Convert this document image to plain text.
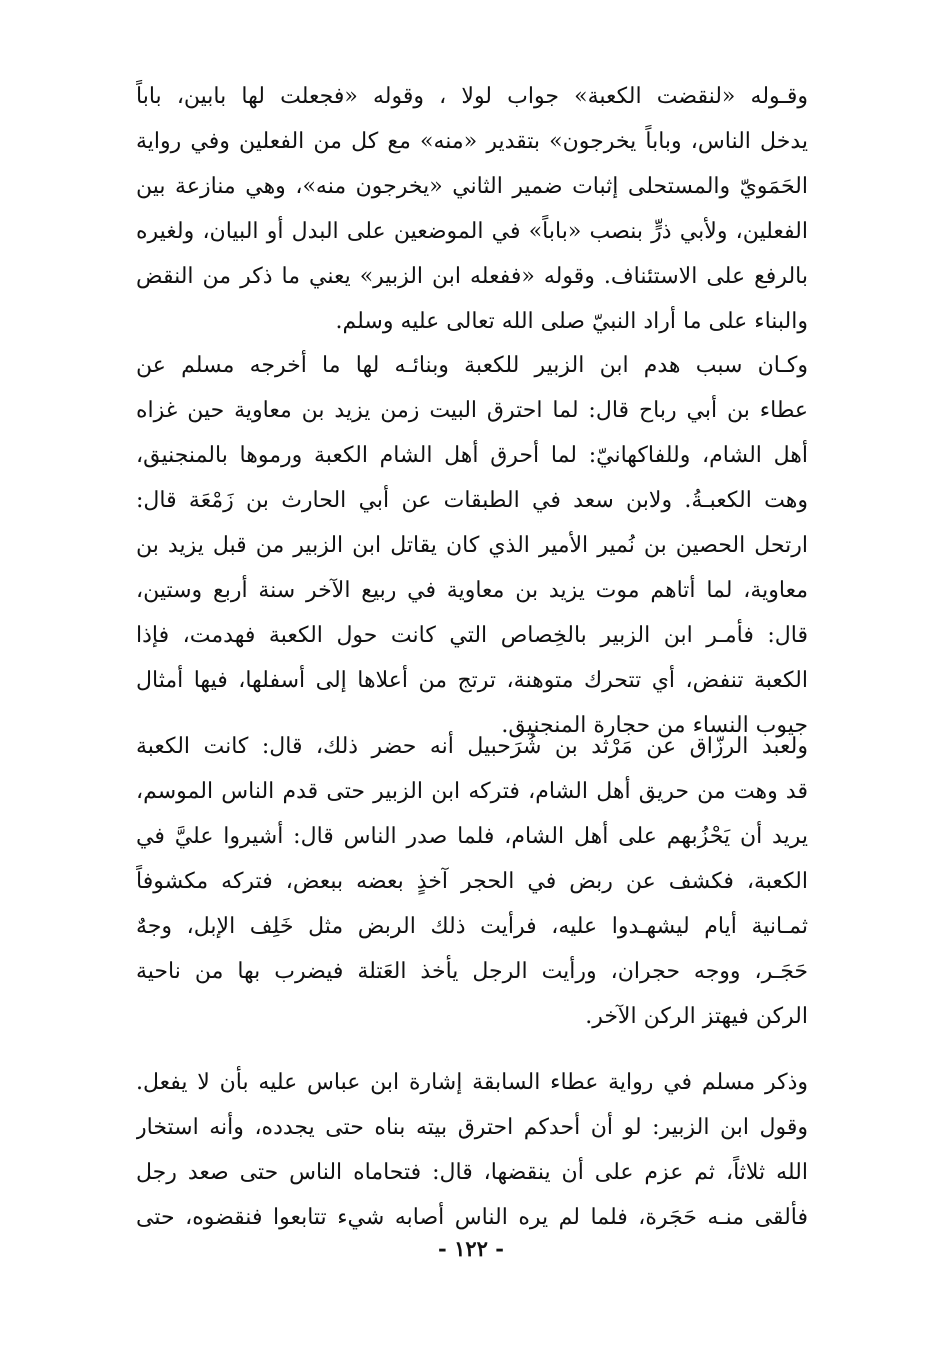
وقـوله «لنقضت الكعبة» جواب لولا ، وقوله «فجعلت لها بابين، باباً
يدخل الناس، وباباً يخرجون» بتقدير «منه» مع كل من الفعلين وفي رواية
الحَمَويّ والمستحلى إثبات ضمير الثاني «يخرجون منه»، وهي منازعة بين
الفعلين، ولأبي ذرٍّ بنصب «باباً» في الموضعين على البدل أو البيان، ولغيره
بالرفع على الاستئناف. وقوله «ففعله ابن الزبير» يعني ما ذكر من النقض
والبناء على ما أراد النبيّ صلى الله تعالى عليه وسلم.
وكـان سبب هدم ابن الزبير للكعبة وبنائـه لها ما أخرجه مسلم عن
عطاء بن أبي رباح قال: لما احترق البيت زمن يزيد بن معاوية حين غزاه
أهل الشام، وللفاكهانيّ: لما أحرق أهل الشام الكعبة ورموها بالمنجنيق،
وهت الكعبـةُ. ولابن سعد في الطبقات عن أبي الحارث بن زَمْعَة قال:
ارتحل الحصين بن نُمير الأمير الذي كان يقاتل ابن الزبير من قبل يزيد بن
معاوية، لما أتاهم موت يزيد بن معاوية في ربيع الآخر سنة أربع وستين،
قال: فأمـر ابن الزبير بالخِصاص التي كانت حول الكعبة فهدمت، فإذا
الكعبة تنفض، أي تتحرك متوهنة، ترتج من أعلاها إلى أسفلها، فيها أمثال
جيوب النساء من حجارة المنجنيق.
ولعبد الرزّاق عن مَرْثد بن شُرَحبيل أنه حضر ذلك، قال: كانت الكعبة
قد وهت من حريق أهل الشام، فتركه ابن الزبير حتى قدم الناس الموسم،
يريد أن يَحْزُبهم على أهل الشام، فلما صدر الناس قال: أشيروا عليَّ في
الكعبة، فكشف عن ربض في الحجر آخذٍ بعضه ببعض، فتركه مكشوفاً
ثمـانية أيام ليشهـدوا عليه، فرأيت ذلك الربض مثل خَلِف الإبل، وجهٌ
حَجَـر، ووجه حجران، ورأيت الرجل يأخذ العَتلة فيضرب بها من ناحية
الركن فيهتز الركن الآخر.
وذكر مسلم في رواية عطاء السابقة إشارة ابن عباس عليه بأن لا يفعل.
وقول ابن الزبير: لو أن أحدكم احترق بيته بناه حتى يجدده، وأنه استخار
الله ثلاثاً، ثم عزم على أن ينقضها، قال: فتحاماه الناس حتى صعد رجل
فألقى منـه حَجَرة، فلما لم يره الناس أصابه شيء تتابعوا فنقضوه، حتى
- ١٢٢ -
